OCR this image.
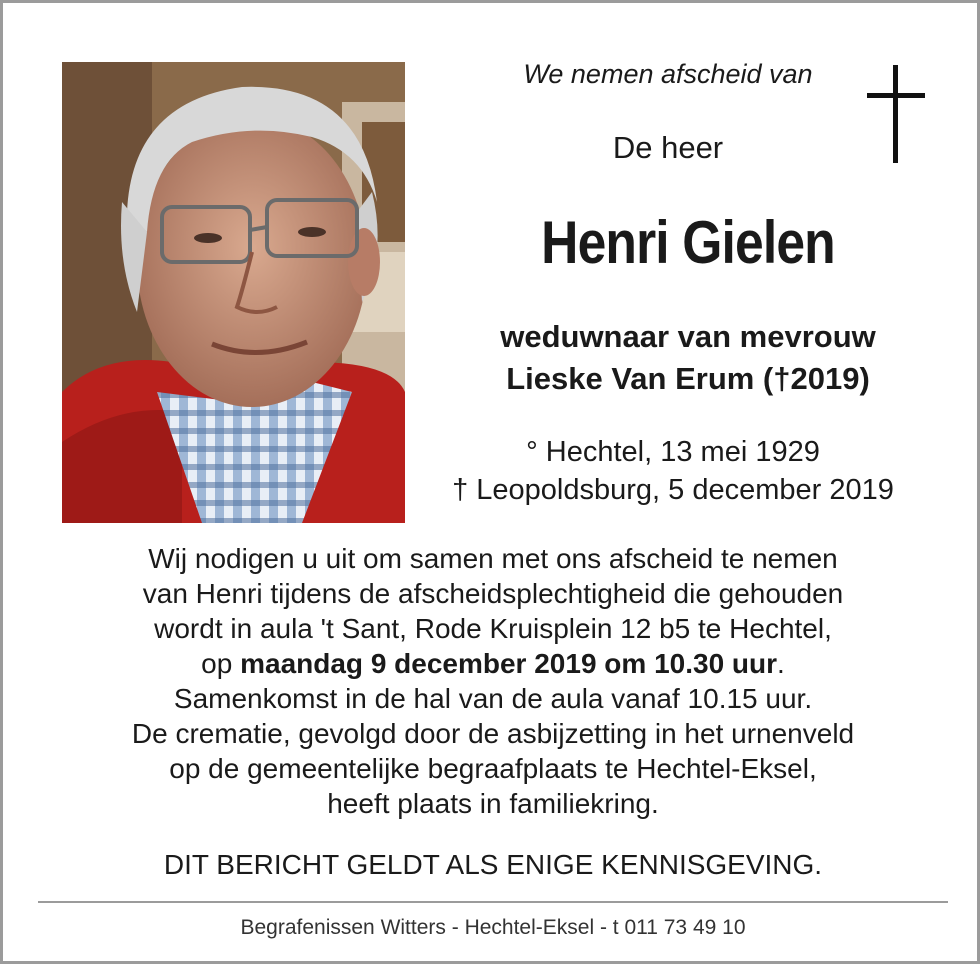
We nemen afscheid van
De heer
Henri Gielen
weduwnaar van mevrouw
Lieske Van Erum (†2019)
° Hechtel, 13 mei 1929
† Leopoldsburg, 5 december 2019
Wij nodigen u uit om samen met ons afscheid te nemen
van Henri tijdens de afscheidsplechtigheid die gehouden
wordt in aula 't Sant, Rode Kruisplein 12 b5 te Hechtel,
op maandag 9 december 2019 om 10.30 uur.
Samenkomst in de hal van de aula vanaf 10.15 uur.
De crematie, gevolgd door de asbijzetting in het urnenveld
op de gemeentelijke begraafplaats te Hechtel-Eksel,
heeft plaats in familiekring.
DIT BERICHT GELDT ALS ENIGE KENNISGEVING.
Begrafenissen Witters - Hechtel-Eksel - t 011 73 49 10
